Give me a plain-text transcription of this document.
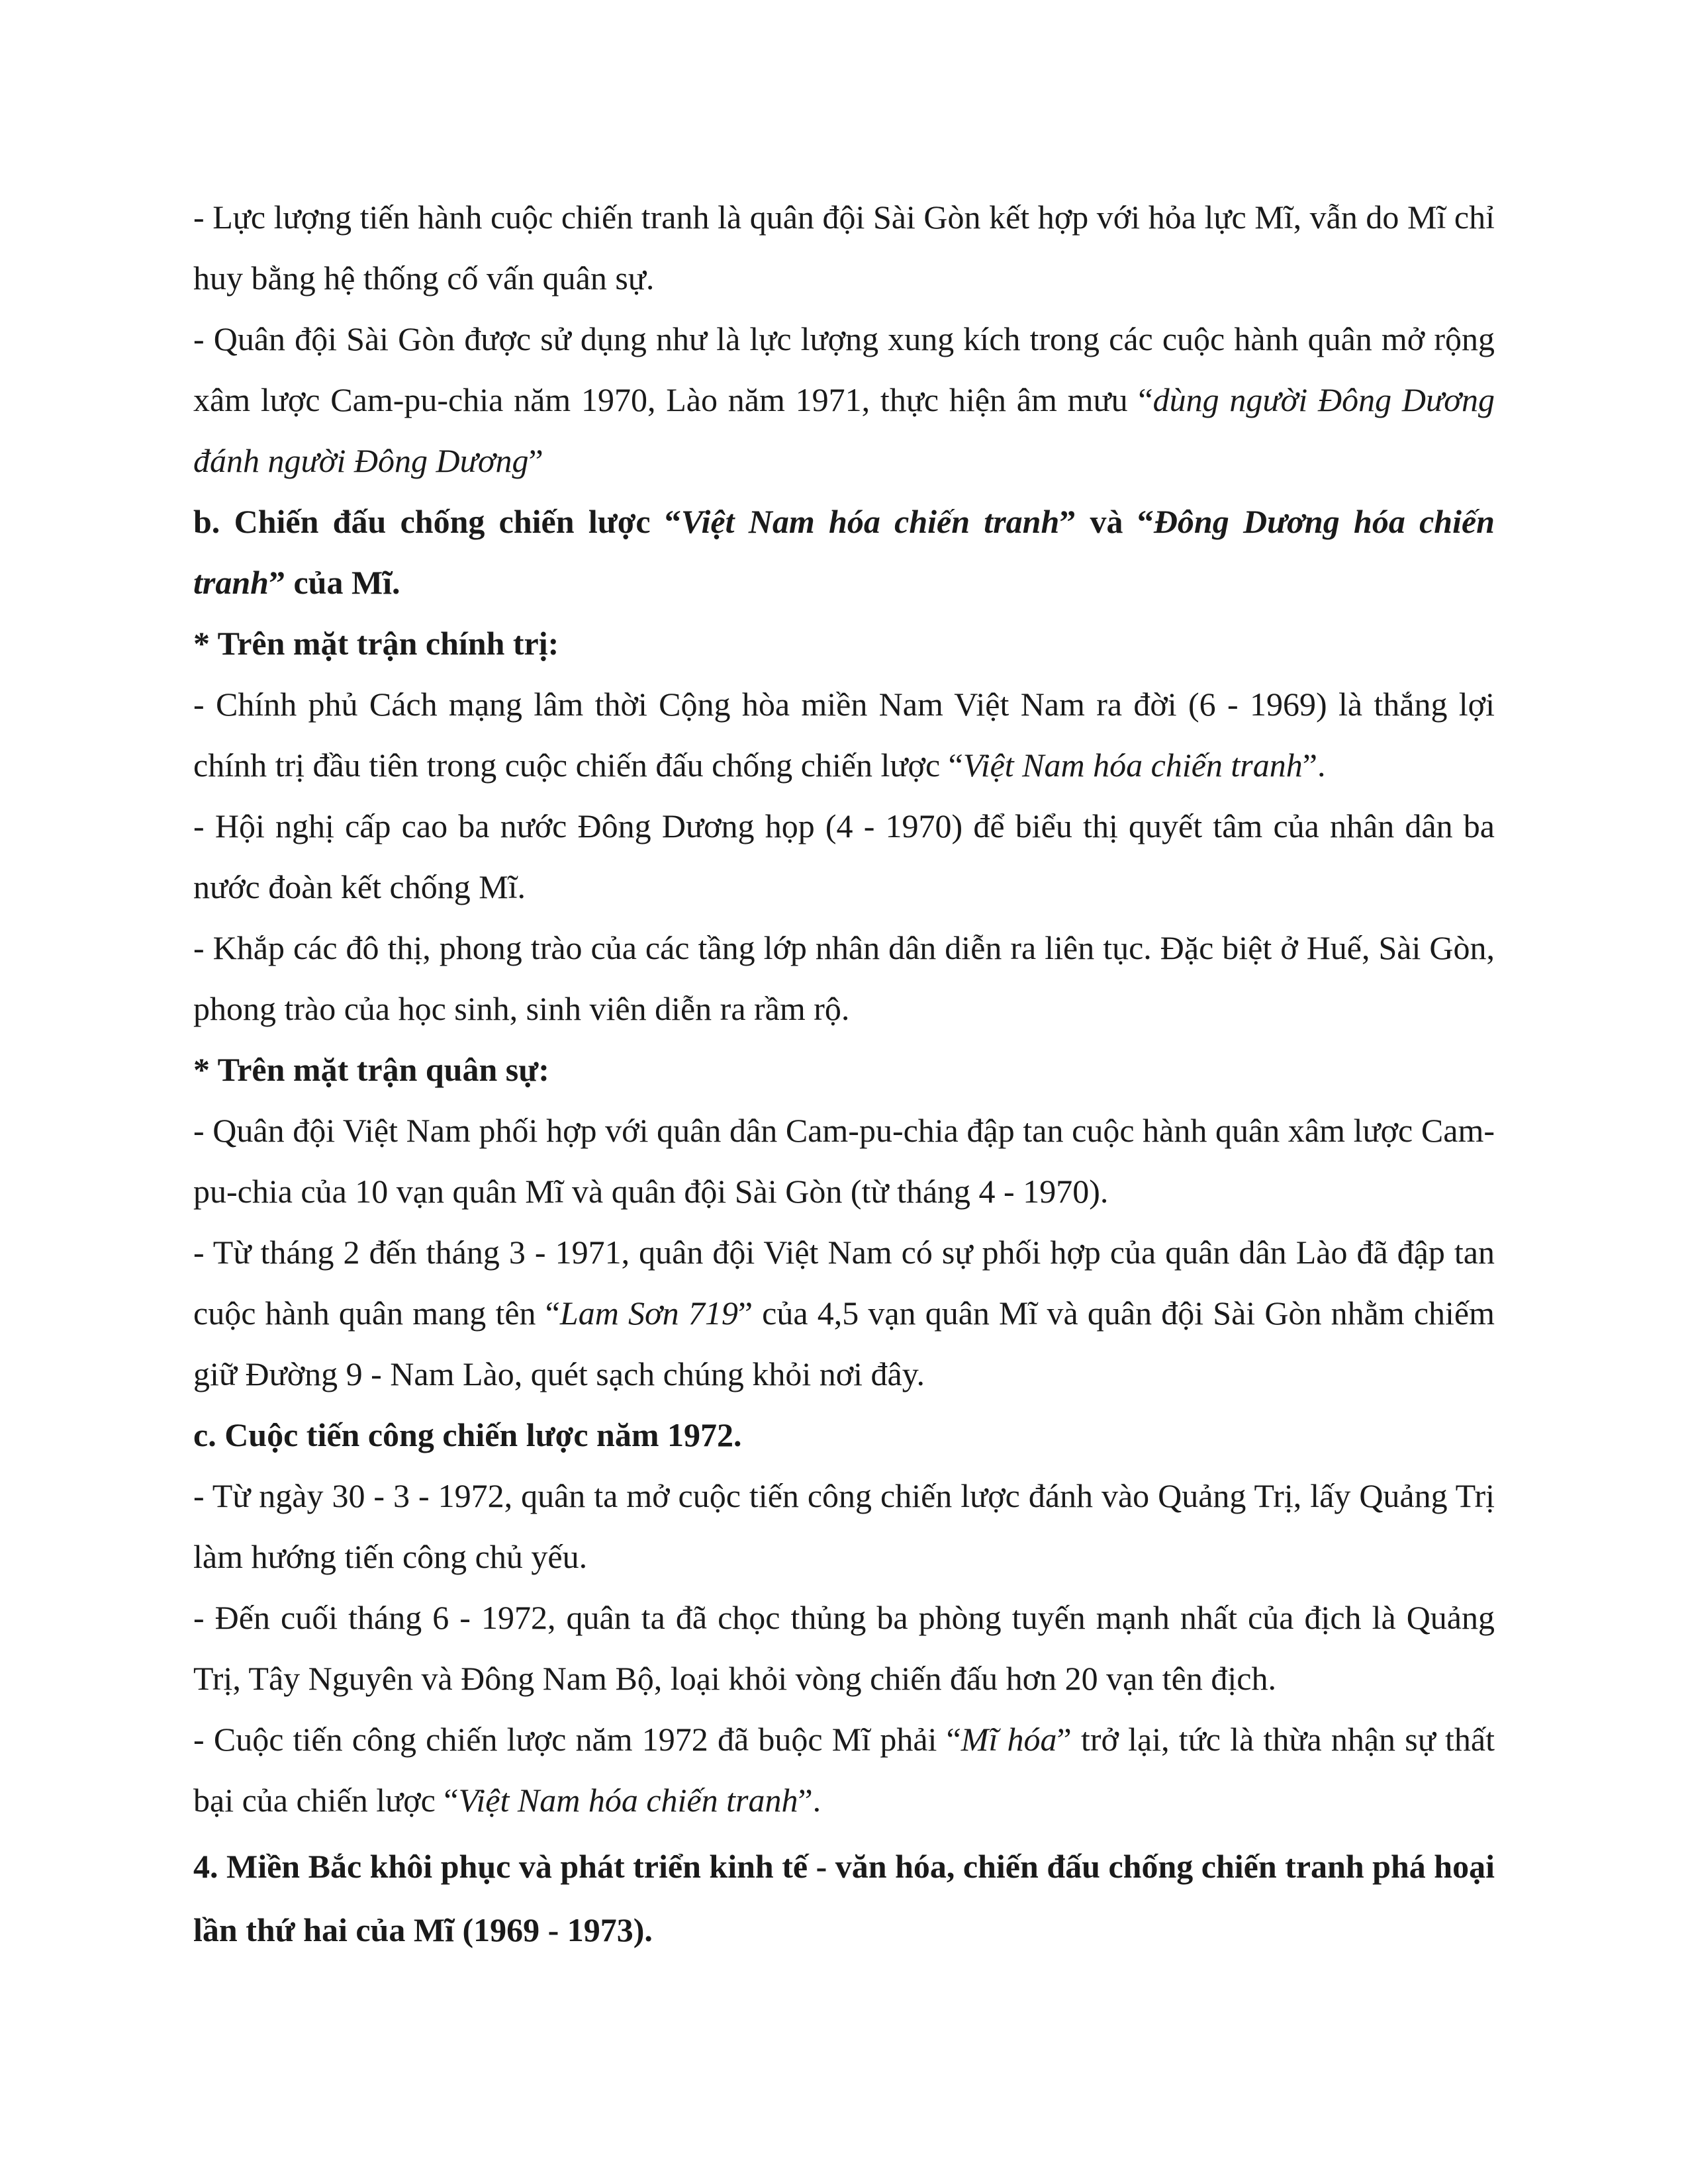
- Lực lượng tiến hành cuộc chiến tranh là quân đội Sài Gòn kết hợp với hỏa lực Mĩ, vẫn do Mĩ chỉ huy bằng hệ thống cố vấn quân sự.

- Quân đội Sài Gòn được sử dụng như là lực lượng xung kích trong các cuộc hành quân mở rộng xâm lược Cam-pu-chia năm 1970, Lào năm 1971, thực hiện âm mưu “dùng người Đông Dương đánh người Đông Dương”

b. Chiến đấu chống chiến lược “Việt Nam hóa chiến tranh” và “Đông Dương hóa chiến tranh” của Mĩ.

* Trên mặt trận chính trị:

- Chính phủ Cách mạng lâm thời Cộng hòa miền Nam Việt Nam ra đời (6 - 1969) là thắng lợi chính trị đầu tiên trong cuộc chiến đấu chống chiến lược “Việt Nam hóa chiến tranh”.

- Hội nghị cấp cao ba nước Đông Dương họp (4 - 1970) để biểu thị quyết tâm của nhân dân ba nước đoàn kết chống Mĩ.

- Khắp các đô thị, phong trào của các tầng lớp nhân dân diễn ra liên tục. Đặc biệt ở Huế, Sài Gòn, phong trào của học sinh, sinh viên diễn ra rầm rộ.

* Trên mặt trận quân sự:

- Quân đội Việt Nam phối hợp với quân dân Cam-pu-chia đập tan cuộc hành quân xâm lược Cam-pu-chia của 10 vạn quân Mĩ và quân đội Sài Gòn (từ tháng 4 - 1970).

- Từ tháng 2 đến tháng 3 - 1971, quân đội Việt Nam có sự phối hợp của quân dân Lào đã đập tan cuộc hành quân mang tên “Lam Sơn 719” của 4,5 vạn quân Mĩ và quân đội Sài Gòn nhằm chiếm giữ Đường 9 - Nam Lào, quét sạch chúng khỏi nơi đây.

c. Cuộc tiến công chiến lược năm 1972.

- Từ ngày 30 - 3 - 1972, quân ta mở cuộc tiến công chiến lược đánh vào Quảng Trị, lấy Quảng Trị làm hướng tiến công chủ yếu.

- Đến cuối tháng 6 - 1972, quân ta đã chọc thủng ba phòng tuyến mạnh nhất của địch là Quảng Trị, Tây Nguyên và Đông Nam Bộ, loại khỏi vòng chiến đấu hơn 20 vạn tên địch.

- Cuộc tiến công chiến lược năm 1972 đã buộc Mĩ phải “Mĩ hóa” trở lại, tức là thừa nhận sự thất bại của chiến lược “Việt Nam hóa chiến tranh”.

4. Miền Bắc khôi phục và phát triển kinh tế - văn hóa, chiến đấu chống chiến tranh phá hoại lần thứ hai của Mĩ (1969 - 1973).
